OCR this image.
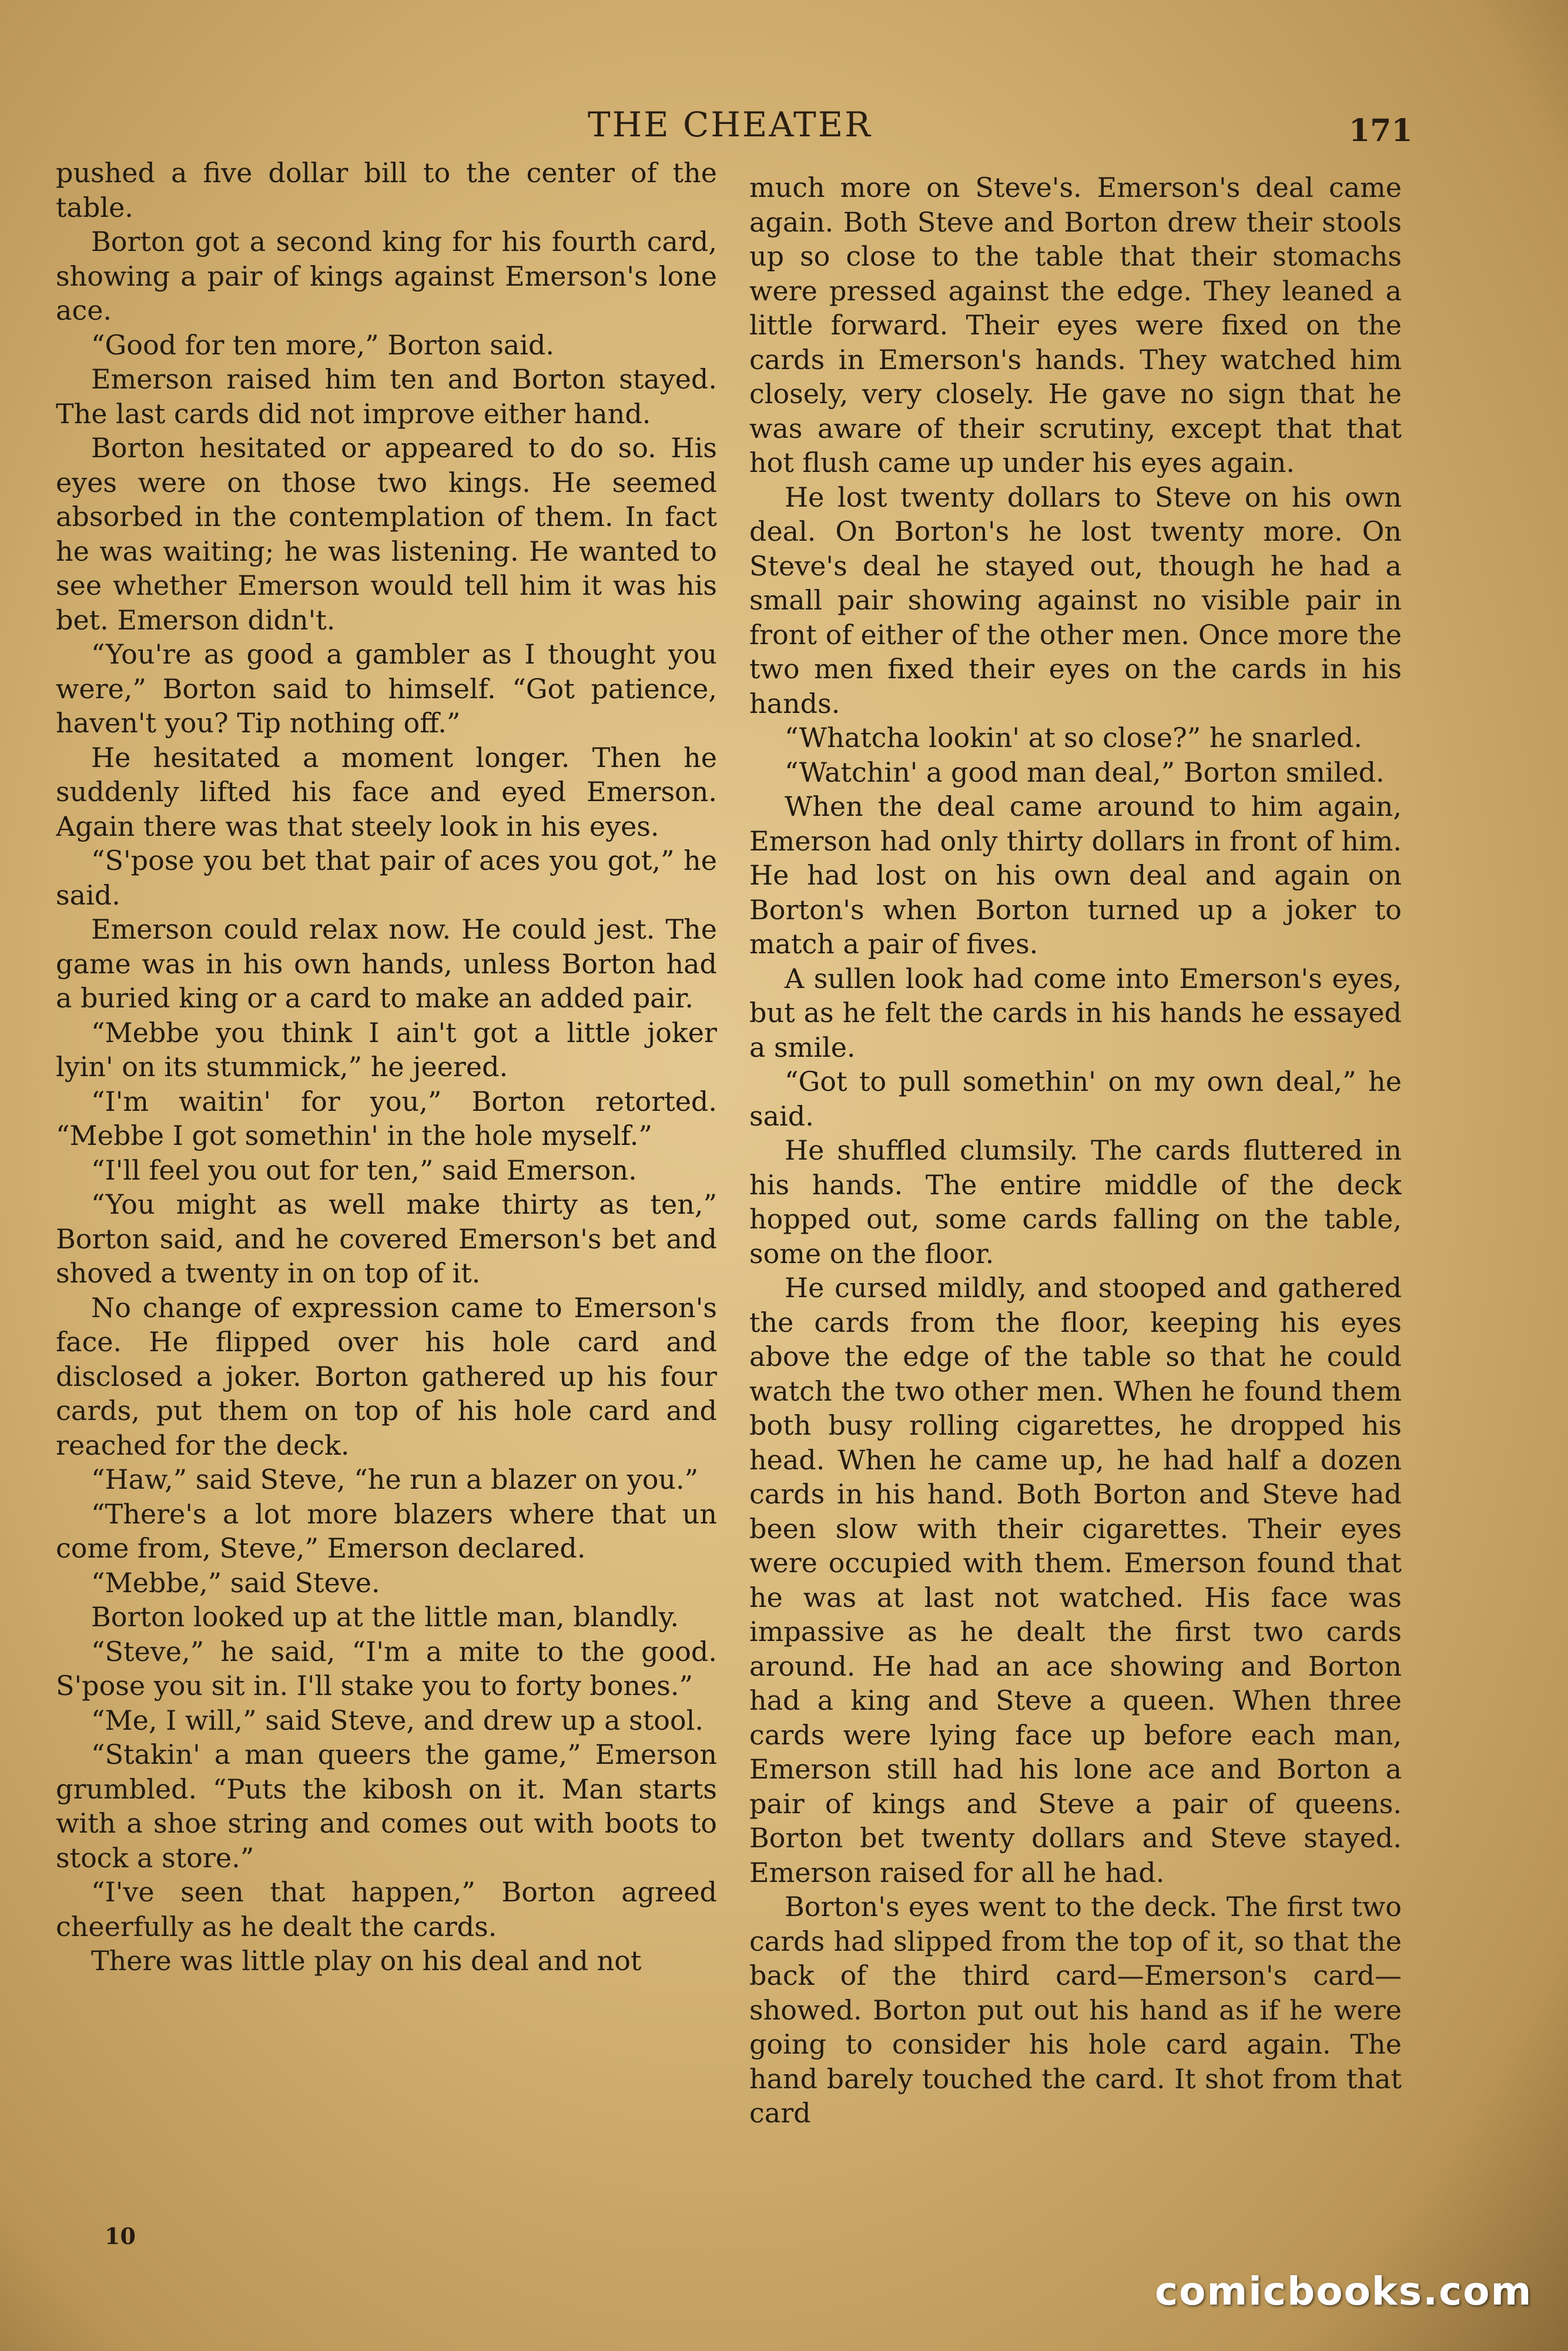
THE CHEATER	171

pushed a five dollar bill to the center of the table.

Borton got a second king for his fourth card, showing a pair of kings against Emerson's lone ace.

“Good for ten more,” Borton said.

Emerson raised him ten and Borton stayed. The last cards did not improve either hand.

Borton hesitated or appeared to do so. His eyes were on those two kings. He seemed absorbed in the contemplation of them. In fact he was waiting; he was listening. He wanted to see whether Emerson would tell him it was his bet. Emerson didn't.

“You're as good a gambler as I thought you were,” Borton said to himself. “Got patience, haven't you? Tip nothing off.”

He hesitated a moment longer. Then he suddenly lifted his face and eyed Emerson. Again there was that steely look in his eyes.

“S'pose you bet that pair of aces you got,” he said.

Emerson could relax now. He could jest. The game was in his own hands, unless Borton had a buried king or a card to make an added pair.

“Mebbe you think I ain't got a little joker lyin' on its stummick,” he jeered.

“I'm waitin' for you,” Borton retorted. “Mebbe I got somethin' in the hole myself.”

“I'll feel you out for ten,” said Emerson.

“You might as well make thirty as ten,” Borton said, and he covered Emerson's bet and shoved a twenty in on top of it.

No change of expression came to Emerson's face. He flipped over his hole card and disclosed a joker. Borton gathered up his four cards, put them on top of his hole card and reached for the deck.

“Haw,” said Steve, “he run a blazer on you.”

“There's a lot more blazers where that un come from, Steve,” Emerson declared.

“Mebbe,” said Steve.

Borton looked up at the little man, blandly.

“Steve,” he said, “I'm a mite to the good. S'pose you sit in. I'll stake you to forty bones.”

“Me, I will,” said Steve, and drew up a stool.

“Stakin' a man queers the game,” Emerson grumbled. “Puts the kibosh on it. Man starts with a shoe string and comes out with boots to stock a store.”

“I've seen that happen,” Borton agreed cheerfully as he dealt the cards.

There was little play on his deal and not

much more on Steve's. Emerson's deal came again. Both Steve and Borton drew their stools up so close to the table that their stomachs were pressed against the edge. They leaned a little forward. Their eyes were fixed on the cards in Emerson's hands. They watched him closely, very closely. He gave no sign that he was aware of their scrutiny, except that that hot flush came up under his eyes again.

He lost twenty dollars to Steve on his own deal. On Borton's he lost twenty more. On Steve's deal he stayed out, though he had a small pair showing against no visible pair in front of either of the other men. Once more the two men fixed their eyes on the cards in his hands.

“Whatcha lookin' at so close?” he snarled.

“Watchin' a good man deal,” Borton smiled.

When the deal came around to him again, Emerson had only thirty dollars in front of him. He had lost on his own deal and again on Borton's when Borton turned up a joker to match a pair of fives.

A sullen look had come into Emerson's eyes, but as he felt the cards in his hands he essayed a smile.

“Got to pull somethin' on my own deal,” he said.

He shuffled clumsily. The cards fluttered in his hands. The entire middle of the deck hopped out, some cards falling on the table, some on the floor.

He cursed mildly, and stooped and gathered the cards from the floor, keeping his eyes above the edge of the table so that he could watch the two other men. When he found them both busy rolling cigarettes, he dropped his head. When he came up, he had half a dozen cards in his hand. Both Borton and Steve had been slow with their cigarettes. Their eyes were occupied with them. Emerson found that he was at last not watched. His face was impassive as he dealt the first two cards around. He had an ace showing and Borton had a king and Steve a queen. When three cards were lying face up before each man, Emerson still had his lone ace and Borton a pair of kings and Steve a pair of queens. Borton bet twenty dollars and Steve stayed. Emerson raised for all he had.

Borton's eyes went to the deck. The first two cards had slipped from the top of it, so that the back of the third card—Emerson's card—showed. Borton put out his hand as if he were going to consider his hole card again. The hand barely touched the card. It shot from that card

10
comicbooks.com
